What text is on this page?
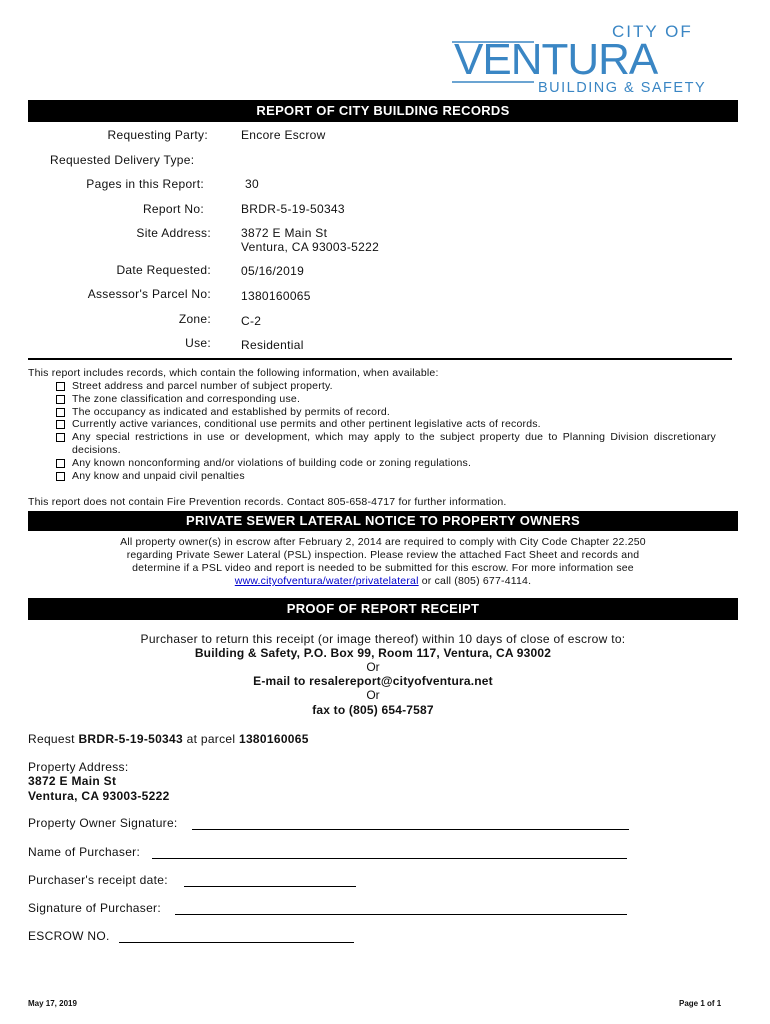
CITY OF
VENTURA
BUILDING & SAFETY
REPORT OF CITY BUILDING RECORDS
Requesting Party:	Encore Escrow
Requested Delivery Type:
Pages in this Report:	30
Report No:	BRDR-5-19-50343
Site Address:	3872 E Main St
Ventura, CA 93003-5222
Date Requested:	05/16/2019
Assessor's Parcel No:	1380160065
Zone:	C-2
Use:	Residential
This report includes records, which contain the following information, when available:
Street address and parcel number of subject property.
The zone classification and corresponding use.
The occupancy as indicated and established by permits of record.
Currently active variances, conditional use permits and other pertinent legislative acts of records.
Any special restrictions in use or development, which may apply to the subject property due to Planning Division discretionary decisions.
Any known nonconforming and/or violations of building code or zoning regulations.
Any know and unpaid civil penalties
This report does not contain Fire Prevention records. Contact 805-658-4717 for further information.
PRIVATE SEWER LATERAL NOTICE TO PROPERTY OWNERS
All property owner(s) in escrow after February 2, 2014 are required to comply with City Code Chapter 22.250
regarding Private Sewer Lateral (PSL) inspection. Please review the attached Fact Sheet and records and
determine if a PSL video and report is needed to be submitted for this escrow. For more information see
www.cityofventura/water/privatelateral or call (805) 677-4114.
PROOF OF REPORT RECEIPT
Purchaser to return this receipt (or image thereof) within 10 days of close of escrow to:
Building & Safety, P.O. Box 99, Room 117, Ventura, CA 93002
Or
E-mail to resalereport@cityofventura.net
Or
fax to (805) 654-7587
Request BRDR-5-19-50343 at parcel 1380160065
Property Address:
3872 E Main St
Ventura, CA 93003-5222
Property Owner Signature:
Name of Purchaser:
Purchaser's receipt date:
Signature of Purchaser:
ESCROW NO.
May 17, 2019	Page 1 of 1
